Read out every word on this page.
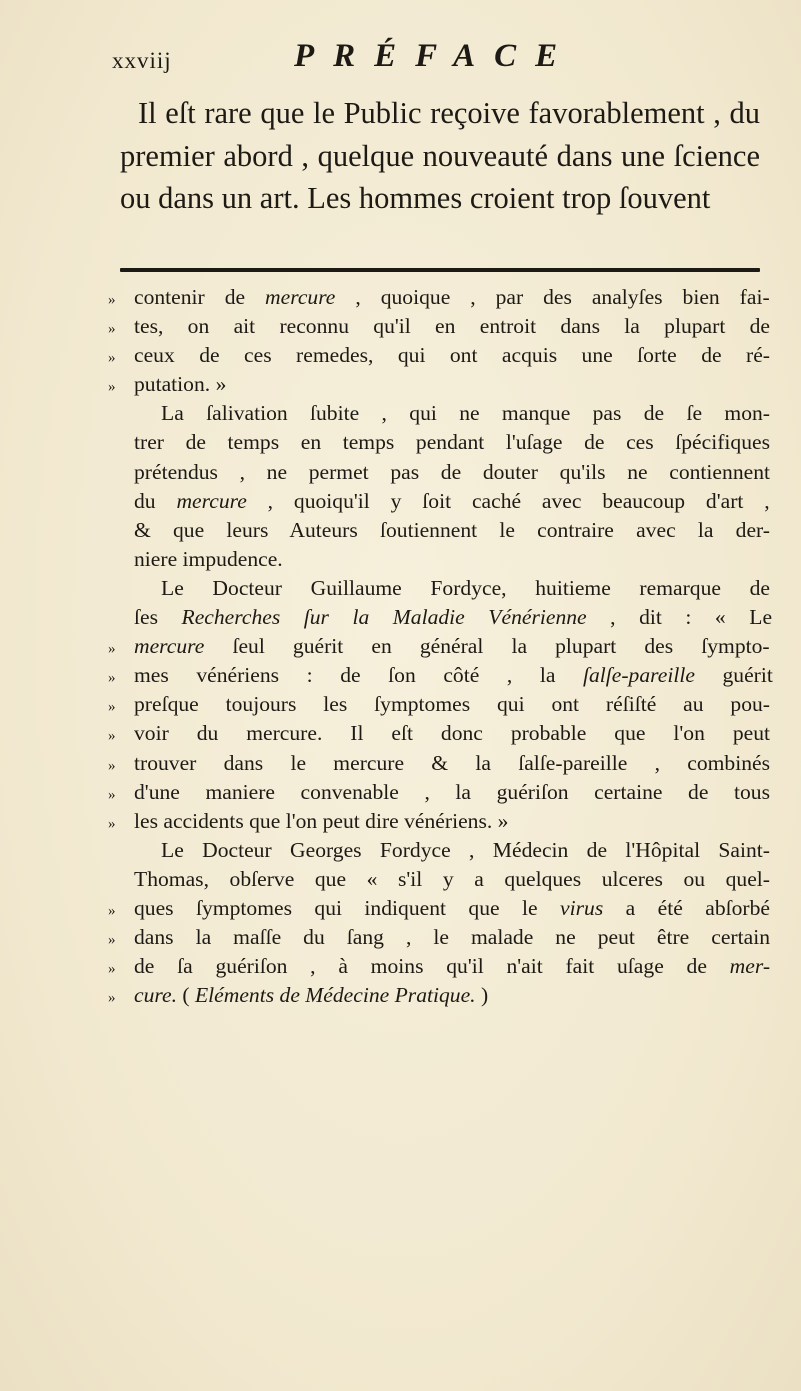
xxviij	PRÉFACE

Il eſt rare que le Public reçoive favorablement , du premier abord , quelque nouveauté dans une ſcience ou dans un art. Les hommes croient trop ſouvent

» contenir de mercure , quoique , par des analyſes bien fai-
» tes, on ait reconnu qu'il en entroit dans la plupart de
» ceux de ces remedes, qui ont acquis une ſorte de ré-
» putation. »
La ſalivation ſubite , qui ne manque pas de ſe mon-
trer de temps en temps pendant l'uſage de ces ſpécifiques
prétendus , ne permet pas de douter qu'ils ne contiennent
du mercure , quoiqu'il y ſoit caché avec beaucoup d'art ,
& que leurs Auteurs ſoutiennent le contraire avec la der-
niere impudence.
Le Docteur Guillaume Fordyce, huitieme remarque de
ſes Recherches ſur la Maladie Vénérienne , dit : « Le
» mercure ſeul guérit en général la plupart des ſympto-
» mes vénériens : de ſon côté , la ſalſe-pareille guérit
» preſque toujours les ſymptomes qui ont réſiſté au pou-
» voir du mercure. Il eſt donc probable que l'on peut
» trouver dans le mercure & la ſalſe-pareille , combinés
» d'une maniere convenable , la guériſon certaine de tous
» les accidents que l'on peut dire vénériens. »
Le Docteur Georges Fordyce , Médecin de l'Hôpital Saint-
Thomas, obſerve que « s'il y a quelques ulceres ou quel-
» ques ſymptomes qui indiquent que le virus a été abſorbé
» dans la maſſe du ſang , le malade ne peut être certain
» de ſa guériſon , à moins qu'il n'ait fait uſage de mer-
» cure. ( Eléments de Médecine Pratique. )
